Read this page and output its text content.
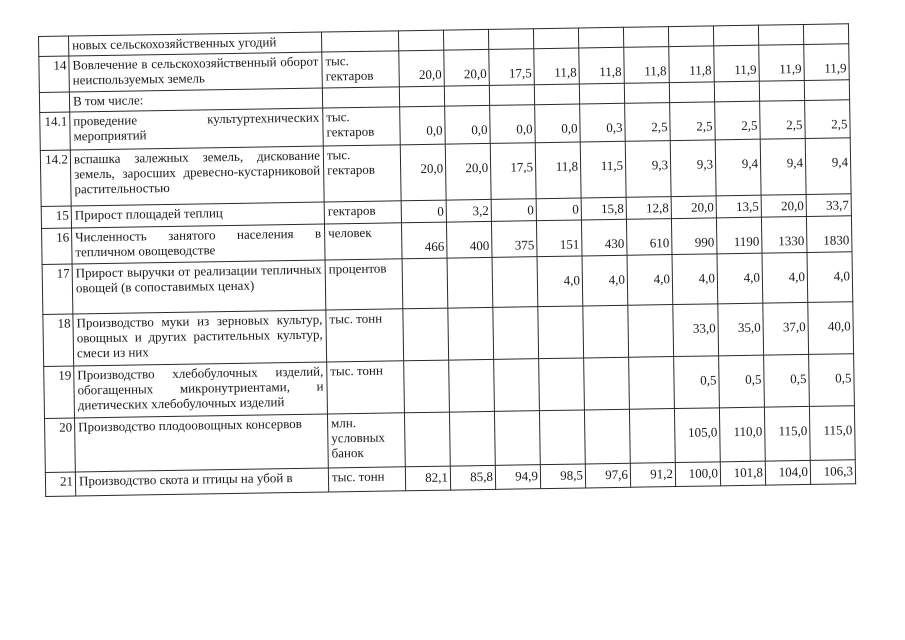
	новых сельскохозяйственных угодий											
14	Вовлечение в сельскохозяйственный оборот неиспользуемых земель	тыс. гектаров	20,0	20,0	17,5	11,8	11,8	11,8	11,8	11,9	11,9	11,9
	В том числе:											
14.1	проведение культуртехнических мероприятий	тыс. гектаров	0,0	0,0	0,0	0,0	0,3	2,5	2,5	2,5	2,5	2,5
14.2	вспашка залежных земель, дискование земель, заросших древесно-кустарниковой растительностью	тыс. гектаров	20,0	20,0	17,5	11,8	11,5	9,3	9,3	9,4	9,4	9,4
15	Прирост площадей теплиц	гектаров	0	3,2	0	0	15,8	12,8	20,0	13,5	20,0	33,7
16	Численность занятого населения в тепличном овощеводстве	человек	466	400	375	151	430	610	990	1190	1330	1830
17	Прирост выручки от реализации тепличных овощей (в сопоставимых ценах)	процентов				4,0	4,0	4,0	4,0	4,0	4,0	4,0
18	Производство муки из зерновых культур, овощных и других растительных культур, смеси из них	тыс. тонн							33,0	35,0	37,0	40,0
19	Производство хлебобулочных изделий, обогащенных микронутриентами, и диетических хлебобулочных изделий	тыс. тонн							0,5	0,5	0,5	0,5
20	Производство плодоовощных консервов	млн. условных банок							105,0	110,0	115,0	115,0
21	Производство скота и птицы на убой в	тыс. тонн	82,1	85,8	94,9	98,5	97,6	91,2	100,0	101,8	104,0	106,3
